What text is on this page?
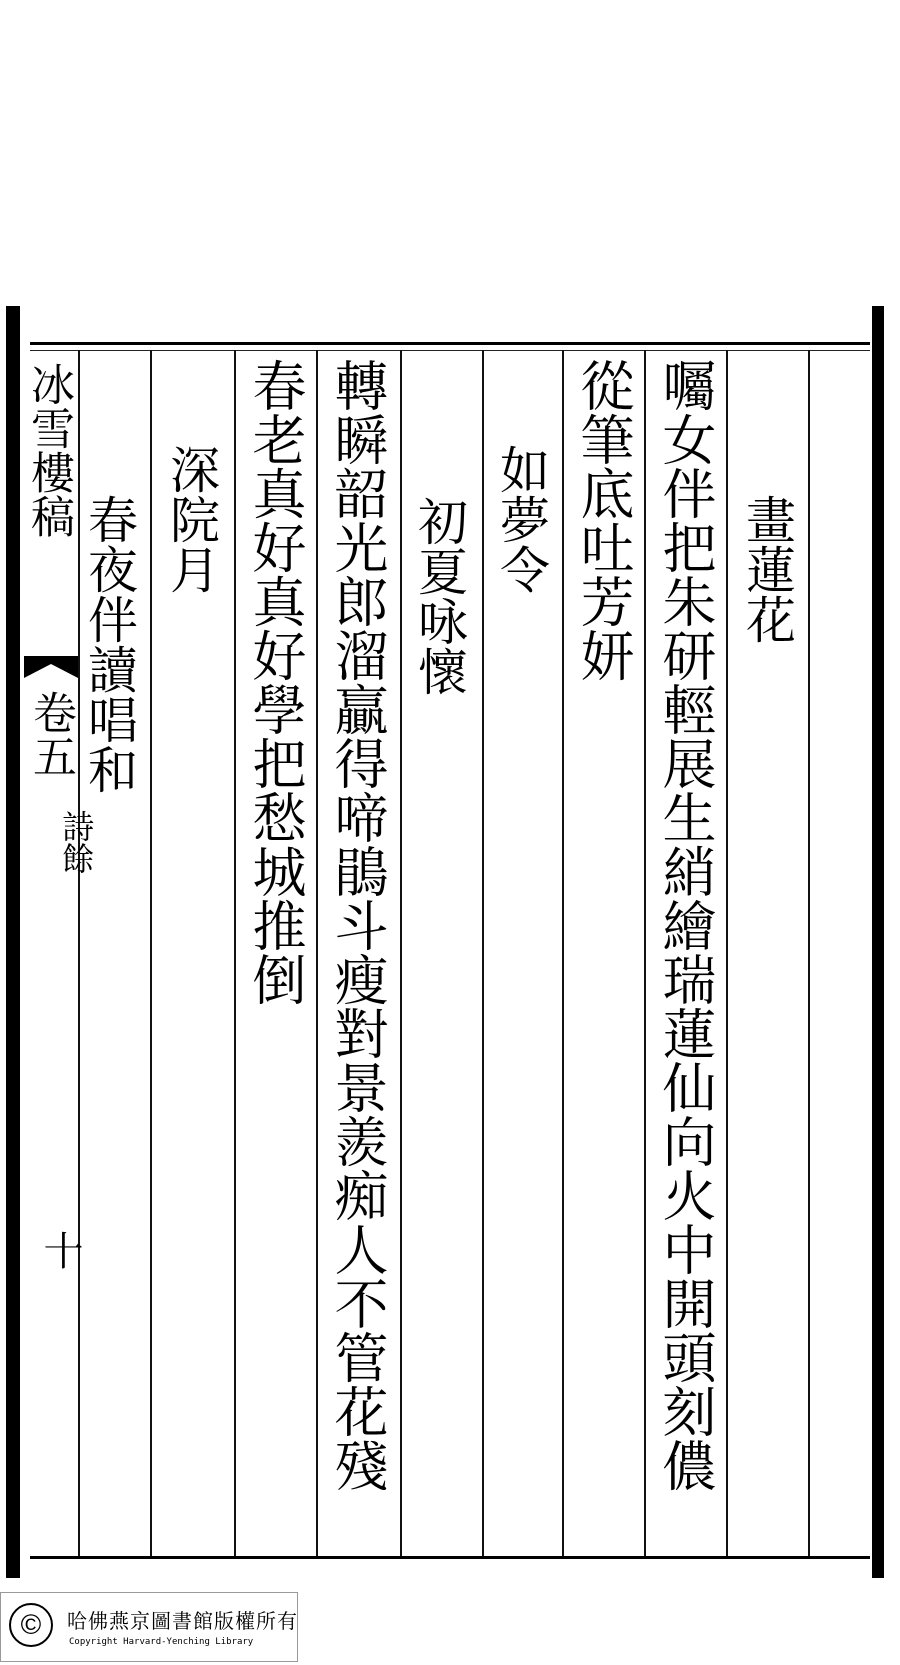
冰雪樓稿
卷五
詩餘
十
畫蓮花
囑女伴把朱研輕展生綃繪瑞蓮仙向火中開頭刻儂
從筆底吐芳妍
如夢令
初夏咏懷
轉瞬韶光郎溜贏得啼鵑斗瘦對景羨痴人不管花殘
春老真好真好學把愁城推倒
深院月
春夜伴讀唱和
©	哈佛燕京圖書館版權所有
Copyright Harvard-Yenching Library
